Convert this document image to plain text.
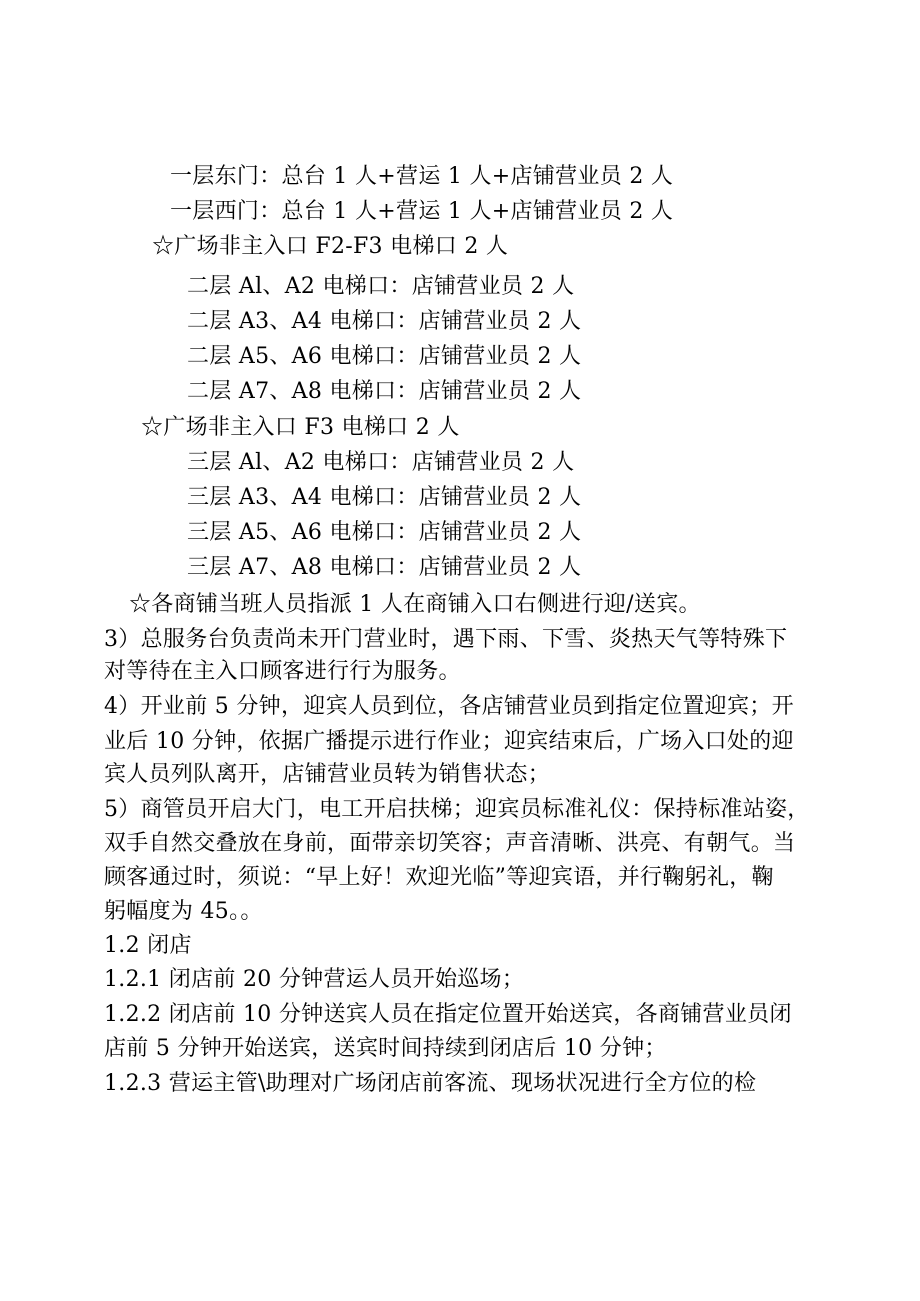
一层东门：总台 1 人+营运 1 人+店铺营业员 2 人
一层西门：总台 1 人+营运 1 人+店铺营业员 2 人
☆广场非主入口 F2-F3 电梯口 2 人
二层 Al、A2 电梯口：店铺营业员 2 人
二层 A3、A4 电梯口：店铺营业员 2 人
二层 A5、A6 电梯口：店铺营业员 2 人
二层 A7、A8 电梯口：店铺营业员 2 人
☆广场非主入口 F3 电梯口 2 人
三层 Al、A2 电梯口：店铺营业员 2 人
三层 A3、A4 电梯口：店铺营业员 2 人
三层 A5、A6 电梯口：店铺营业员 2 人
三层 A7、A8 电梯口：店铺营业员 2 人
☆各商铺当班人员指派 1 人在商铺入口右侧进行迎/送宾。
3）总服务台负责尚未开门营业时，遇下雨、下雪、炎热天气等特殊下
对等待在主入口顾客进行行为服务。
4）开业前 5 分钟，迎宾人员到位，各店铺营业员到指定位置迎宾；开
业后 10 分钟，依据广播提示进行作业；迎宾结束后，广场入口处的迎
宾人员列队离开，店铺营业员转为销售状态；
5）商管员开启大门，电工开启扶梯；迎宾员标准礼仪：保持标准站姿，
双手自然交叠放在身前，面带亲切笑容；声音清晰、洪亮、有朝气。当
顾客通过时，须说：“早上好！欢迎光临”等迎宾语，并行鞠躬礼，鞠
躬幅度为 45。。
1.2 闭店
1.2.1 闭店前 20 分钟营运人员开始巡场；
1.2.2 闭店前 10 分钟送宾人员在指定位置开始送宾，各商铺营业员闭
店前 5 分钟开始送宾，送宾时间持续到闭店后 10 分钟；
1.2.3 营运主管\助理对广场闭店前客流、现场状况进行全方位的检
